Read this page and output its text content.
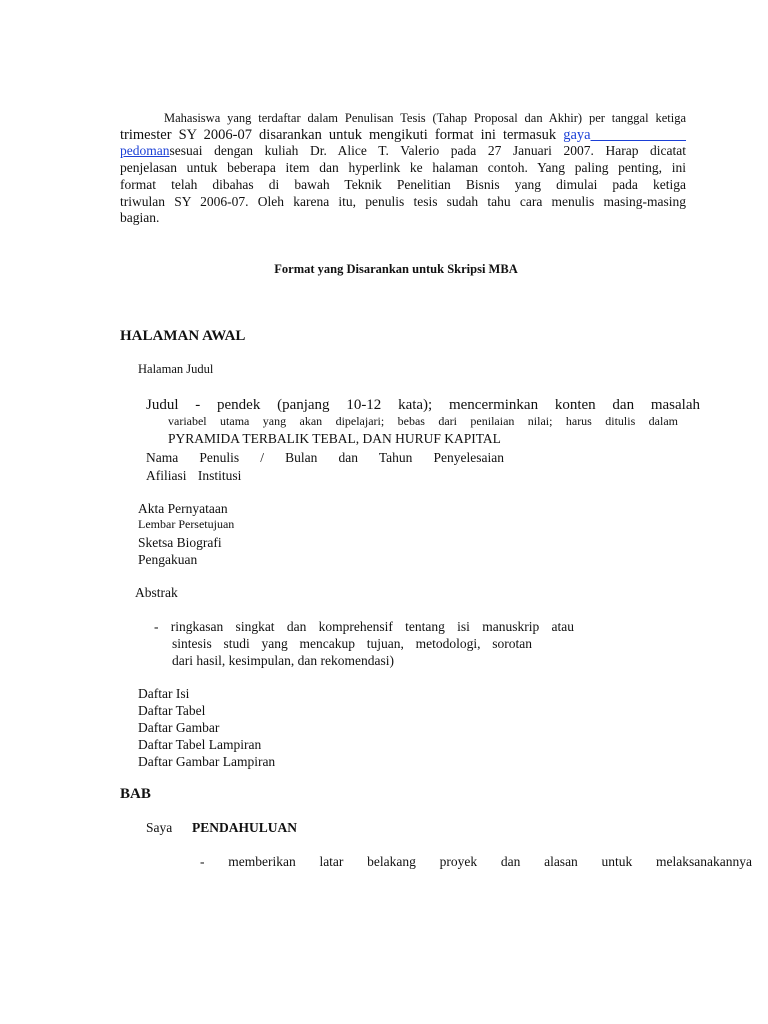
Mahasiswa yang terdaftar dalam Penulisan Tesis (Tahap Proposal dan Akhir) per tanggal ketiga
trimester SY 2006-07 disarankan untuk mengikuti format ini termasuk gaya
pedomansesuai dengan kuliah Dr. Alice T. Valerio pada 27 Januari 2007. Harap dicatat
penjelasan untuk beberapa item dan hyperlink ke halaman contoh. Yang paling penting, ini
format telah dibahas di bawah Teknik Penelitian Bisnis yang dimulai pada ketiga
triwulan SY 2006-07. Oleh karena itu, penulis tesis sudah tahu cara menulis masing-masing
bagian.
Format yang Disarankan untuk Skripsi MBA
HALAMAN AWAL
Halaman Judul
Judul - pendek (panjang 10-12 kata); mencerminkan konten dan masalah
variabel utama yang akan dipelajari; bebas dari penilaian nilai; harus ditulis dalam
PYRAMIDA TERBALIK TEBAL, DAN HURUF KAPITAL
Nama Penulis / Bulan dan Tahun Penyelesaian
Afiliasi Institusi
Akta Pernyataan
Lembar Persetujuan
Sketsa Biografi
Pengakuan
Abstrak
- ringkasan singkat dan komprehensif tentang isi manuskrip atau
sintesis studi yang mencakup tujuan, metodologi, sorotan
dari hasil, kesimpulan, dan rekomendasi)
Daftar Isi
Daftar Tabel
Daftar Gambar
Daftar Tabel Lampiran
Daftar Gambar Lampiran
BAB
Saya PENDAHULUAN
- memberikan latar belakang proyek dan alasan untuk melaksanakannya
